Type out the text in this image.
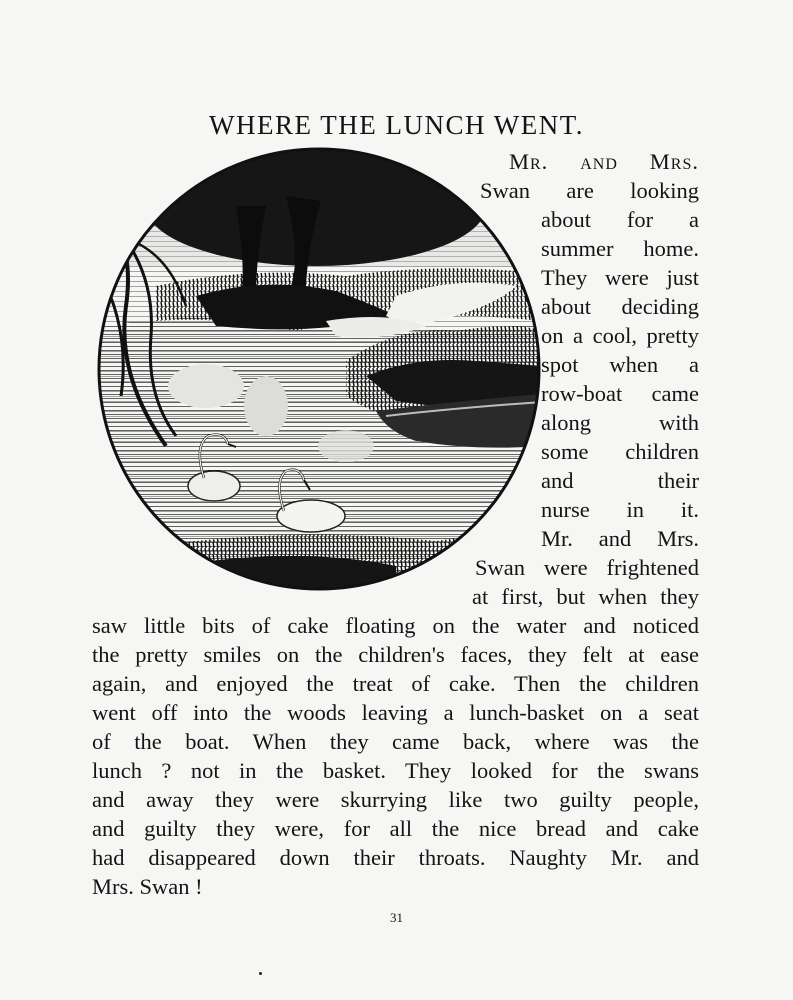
WHERE THE LUNCH WENT.
Mr. and Mrs.
Swan are looking
about for a
summer home.
They were just
about deciding
on a cool, pretty
spot when a
row-boat came
along with
some children
and their
nurse in it.
Mr. and Mrs.
Swan were frightened
at first, but when they
saw little bits of cake floating on the water and noticed
the pretty smiles on the children's faces, they felt at ease
again, and enjoyed the treat of cake. Then the children
went off into the woods leaving a lunch-basket on a seat
of the boat. When they came back, where was the
lunch ? not in the basket. They looked for the swans
and away they were skurrying like two guilty people,
and guilty they were, for all the nice bread and cake
had disappeared down their throats. Naughty Mr. and
Mrs. Swan !
31
